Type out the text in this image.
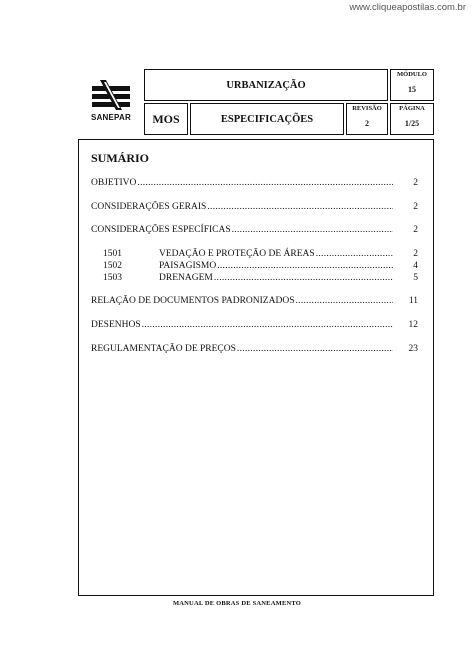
www.cliqueapostilas.com.br
SANEPAR
URBANIZAÇÃO
MÓDULO
15
MOS	ESPECIFICAÇÕES
REVISÃO
2
PÁGINA
1/25
SUMÁRIO
OBJETIVO .....	2
CONSIDERAÇÕES GERAIS .....	2
CONSIDERAÇÕES ESPECÍFICAS .....	2
1501	VEDAÇÃO E PROTEÇÃO DE ÁREAS .....	2
1502	PAISAGISMO .....	4
1503	DRENAGEM .....	5
RELAÇÃO DE DOCUMENTOS PADRONIZADOS .....	11
DESENHOS .....	12
REGULAMENTAÇÃO DE PREÇOS .....	23
MANUAL DE OBRAS DE SANEAMENTO
